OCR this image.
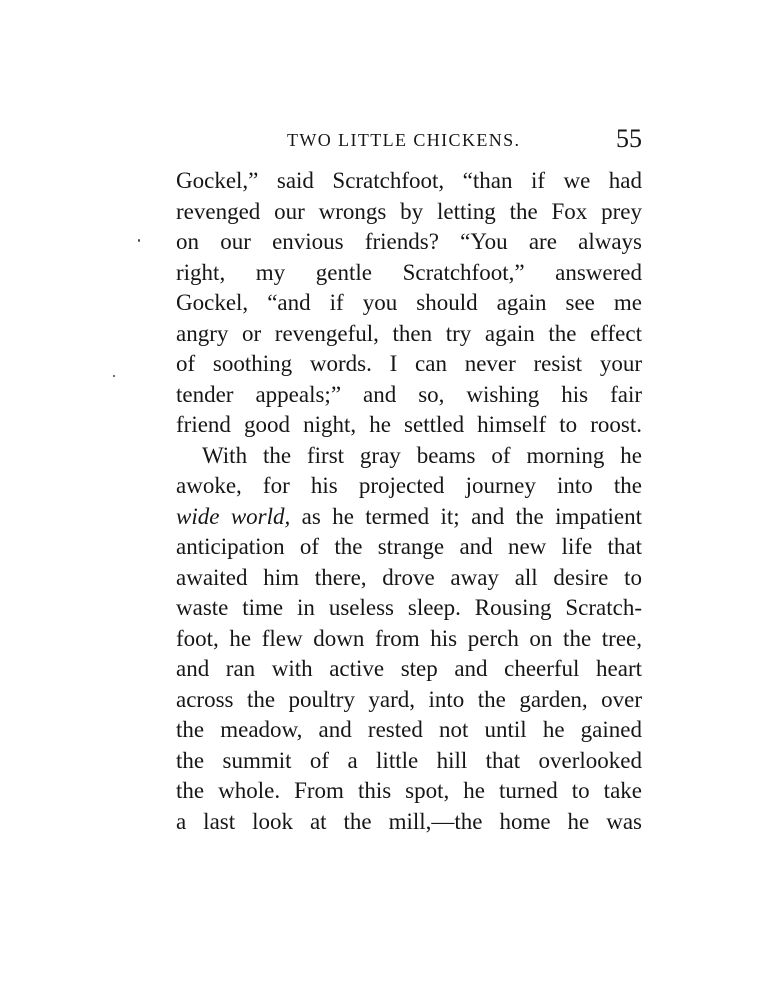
TWO LITTLE CHICKENS.	55
Gockel,” said Scratchfoot, “than if we had
revenged our wrongs by letting the Fox prey
on our envious friends? “You are always
right, my gentle Scratchfoot,” answered
Gockel, “and if you should again see me
angry or revengeful, then try again the effect
of soothing words. I can never resist your
tender appeals;” and so, wishing his fair
friend good night, he settled himself to roost.
With the first gray beams of morning he
awoke, for his projected journey into the
wide world, as he termed it; and the impatient
anticipation of the strange and new life that
awaited him there, drove away all desire to
waste time in useless sleep. Rousing Scratch-
foot, he flew down from his perch on the tree,
and ran with active step and cheerful heart
across the poultry yard, into the garden, over
the meadow, and rested not until he gained
the summit of a little hill that overlooked
the whole. From this spot, he turned to take
a last look at the mill,—the home he was
